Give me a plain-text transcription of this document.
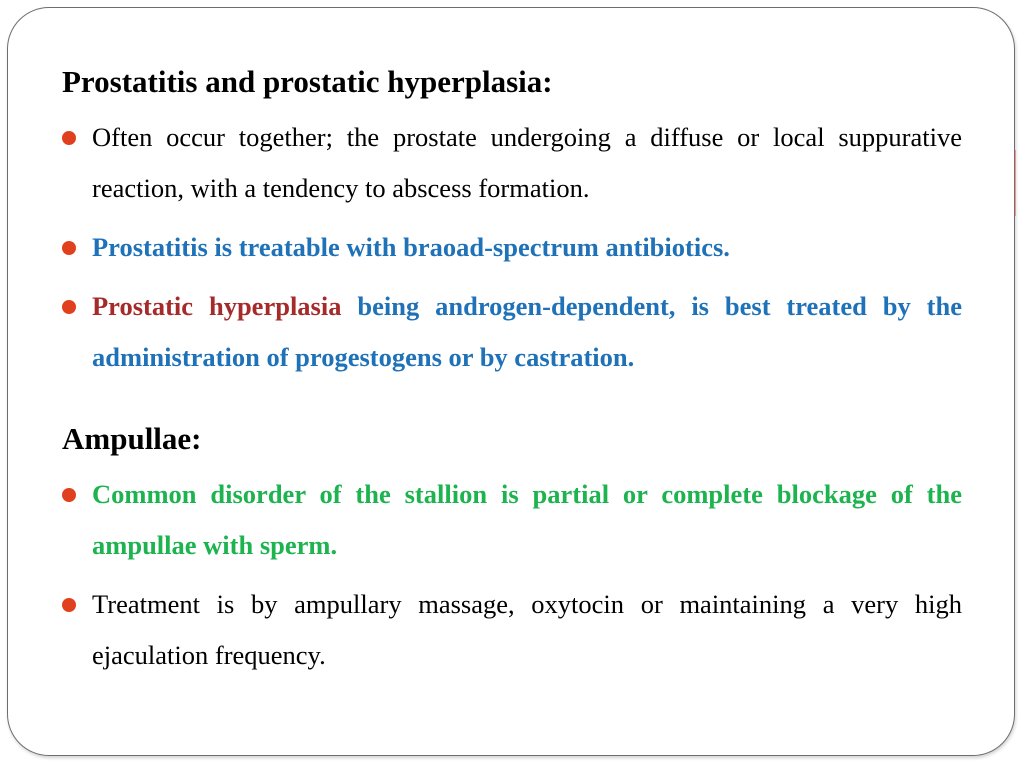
Prostatitis and prostatic hyperplasia:
Often occur together; the prostate undergoing a diffuse or local suppurative reaction, with a tendency to abscess formation.
Prostatitis is treatable with braoad-spectrum antibiotics.
Prostatic hyperplasia being androgen-dependent, is best treated by the administration of progestogens or by castration.
Ampullae:
Common disorder of the stallion is partial or complete blockage of the ampullae with sperm.
Treatment is by ampullary massage, oxytocin or maintaining a very high ejaculation frequency.
